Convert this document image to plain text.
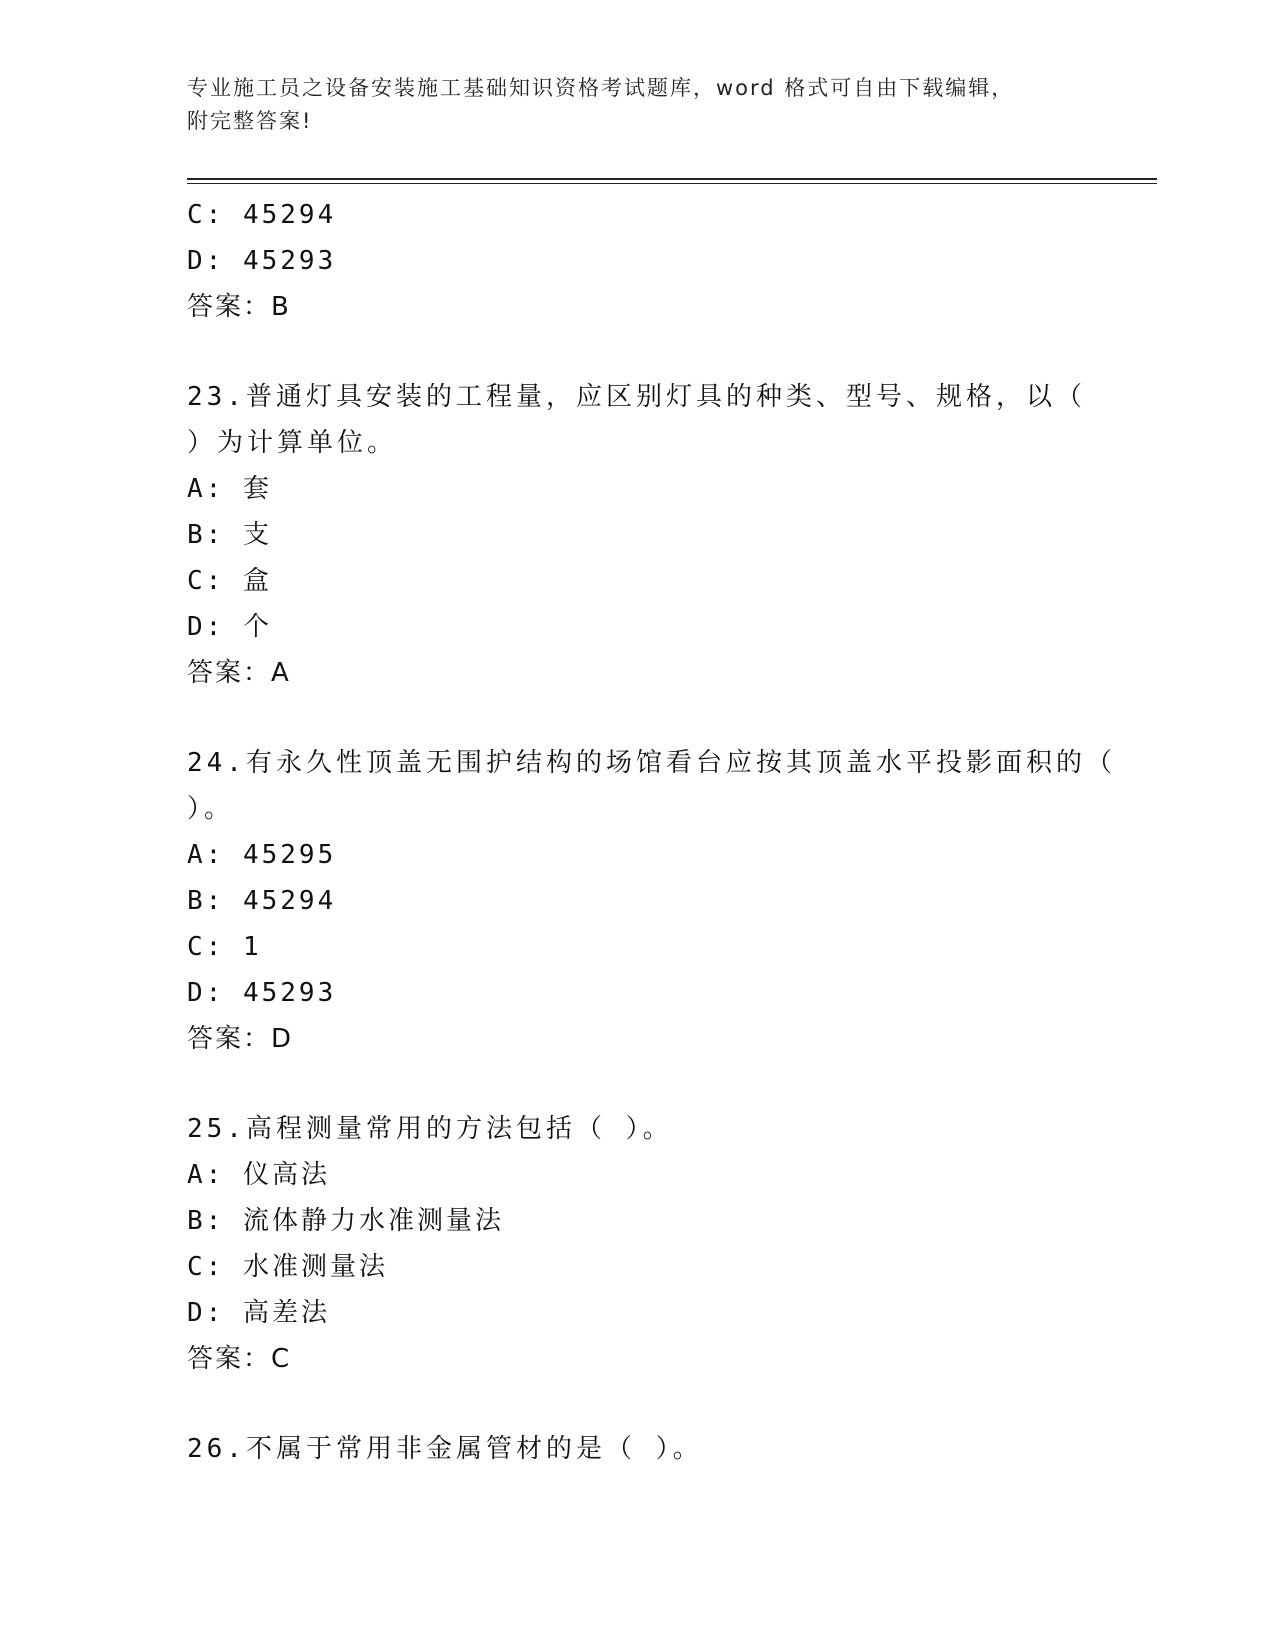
专业施工员之设备安装施工基础知识资格考试题库，word 格式可自由下载编辑，
附完整答案!
C: 45294
D: 45293
答案：B
23.普通灯具安装的工程量，应区别灯具的种类、型号、规格，以（
）为计算单位。
A: 套
B: 支
C: 盒
D: 个
答案：A
24.有永久性顶盖无围护结构的场馆看台应按其顶盖水平投影面积的（
）。
A: 45295
B: 45294
C: 1
D: 45293
答案：D
25.高程测量常用的方法包括（ ）。
A: 仪高法
B: 流体静力水准测量法
C: 水准测量法
D: 高差法
答案：C
26.不属于常用非金属管材的是（ ）。
